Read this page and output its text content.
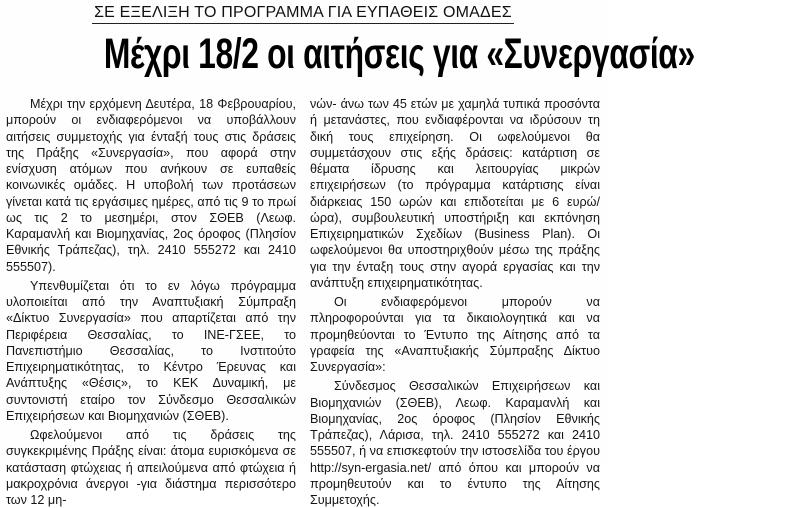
ΣΕ ΕΞΕΛΙΞΗ ΤΟ ΠΡΟΓΡΑΜΜΑ ΓΙΑ ΕΥΠΑΘΕΙΣ ΟΜΑΔΕΣ
Μέχρι 18/2 οι αιτήσεις για «Συνεργασία»

Μέχρι την ερχόμενη Δευτέρα, 18 Φεβρουαρίου, μπορούν οι ενδιαφερόμενοι να υποβάλλουν αιτήσεις συμμετοχής για ένταξή τους στις δράσεις της Πράξης «Συνεργασία», που αφορά στην ενίσχυση ατόμων που ανήκουν σε ευπαθείς κοινωνικές ομάδες. Η υποβολή των προτάσεων γίνεται κατά τις εργάσιμες ημέρες, από τις 9 το πρωί ως τις 2 το μεσημέρι, στον ΣΘΕΒ (Λεωφ. Καραμανλή και Βιομηχανίας, 2ος όροφος (Πλησίον Εθνικής Τράπεζας), τηλ. 2410 555272 και 2410 555507).

Υπενθυμίζεται ότι το εν λόγω πρόγραμμα υλοποιείται από την Αναπτυξιακή Σύμπραξη «Δίκτυο Συνεργασία» που απαρτίζεται από την Περιφέρεια Θεσσαλίας, το ΙΝΕ-ΓΣΕΕ, το Πανεπιστήμιο Θεσσαλίας, το Ινστιτούτο Επιχειρηματικότητας, το Κέντρο Έρευνας και Ανάπτυξης «Θέσις», το ΚΕΚ Δυναμική, με συντονιστή εταίρο τον Σύνδεσμο Θεσσαλικών Επιχειρήσεων και Βιομηχανιών (ΣΘΕΒ).

Ωφελούμενοι από τις δράσεις της συγκεκριμένης Πράξης είναι: άτομα ευρισκόμενα σε κατάσταση φτώχειας ή απειλούμενα από φτώχεια ή μακροχρόνια άνεργοι -για διάστημα περισσότερο των 12 μη-

νών- άνω των 45 ετών με χαμηλά τυπικά προσόντα ή μετανάστες, που ενδιαφέρονται να ιδρύσουν τη δική τους επιχείρηση. Οι ωφελούμενοι θα συμμετάσχουν στις εξής δράσεις: κατάρτιση σε θέματα ίδρυσης και λειτουργίας μικρών επιχειρήσεων (το πρόγραμμα κατάρτισης είναι διάρκειας 150 ωρών και επιδοτείται με 6 ευρώ/ώρα), συμβουλευτική υποστήριξη και εκπόνηση Επιχειρηματικών Σχεδίων (Business Plan). Οι ωφελούμενοι θα υποστηριχθούν μέσω της πράξης για την ένταξη τους στην αγορά εργασίας και την ανάπτυξη επιχειρηματικότητας.

Οι ενδιαφερόμενοι μπορούν να πληροφορούνται για τα δικαιολογητικά και να προμηθεύονται το Έντυπο της Αίτησης από τα γραφεία της «Αναπτυξιακής Σύμπραξης Δίκτυο Συνεργασία»:

Σύνδεσμος Θεσσαλικών Επιχειρήσεων και Βιομηχανιών (ΣΘΕΒ), Λεωφ. Καραμανλή και Βιομηχανίας, 2ος όροφος (Πλησίον Εθνικής Τράπεζας), Λάρισα, τηλ. 2410 555272 και 2410 555507, ή να επισκεφτούν την ιστοσελίδα του έργου http://syn-ergasia.net/ από όπου και μπορούν να προμηθευτούν και το έντυπο της Αίτησης Συμμετοχής.
